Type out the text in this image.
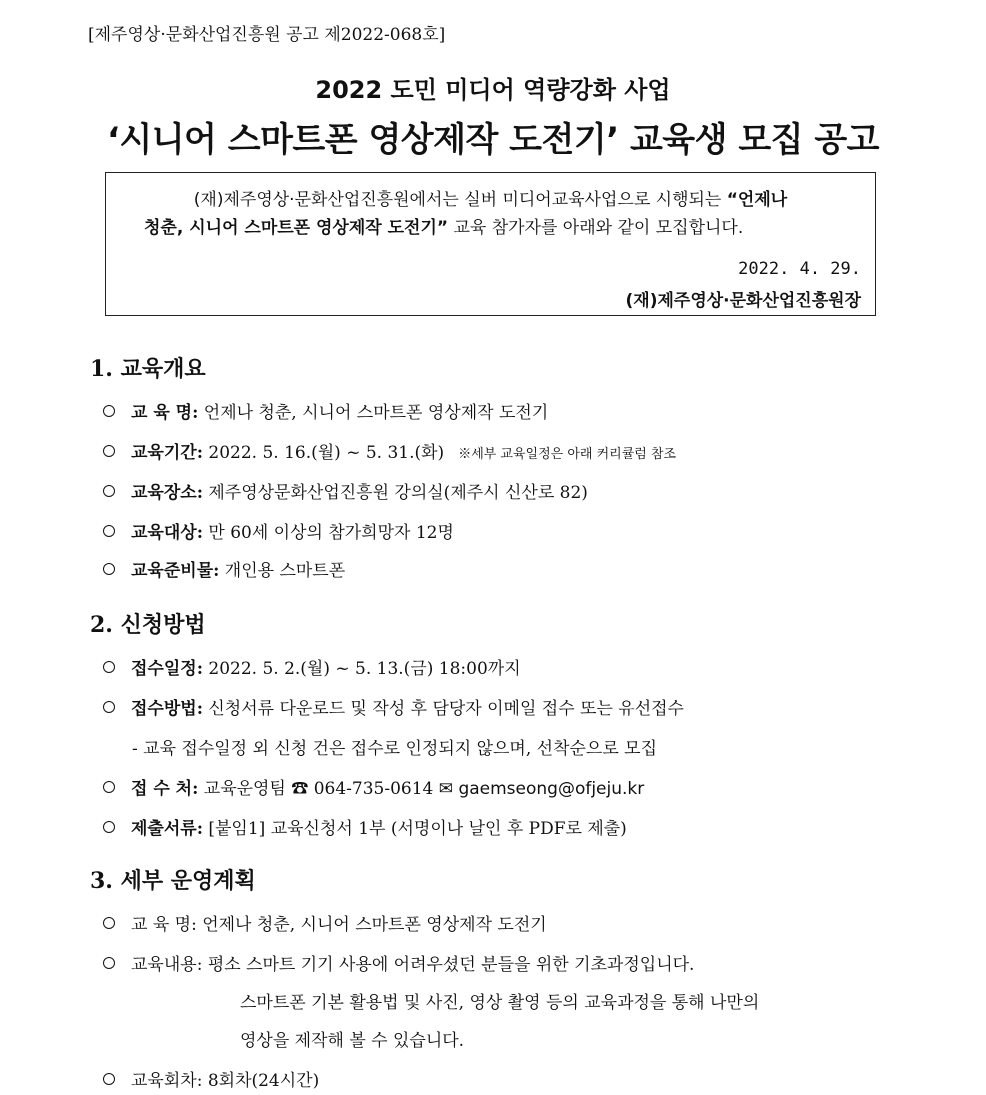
[제주영상·문화산업진흥원 공고 제2022-068호]
2022 도민 미디어 역량강화 사업
‘시니어 스마트폰 영상제작 도전기’ 교육생 모집 공고
(재)제주영상·문화산업진흥원에서는 실버 미디어교육사업으로 시행되는 “언제나
청춘, 시니어 스마트폰 영상제작 도전기” 교육 참가자를 아래와 같이 모집합니다.
2022. 4. 29.
(재)제주영상·문화산업진흥원장
1. 교육개요
교 육 명: 언제나 청춘, 시니어 스마트폰 영상제작 도전기
교육기간: 2022. 5. 16.(월) ~ 5. 31.(화) ※세부 교육일정은 아래 커리큘럼 참조
교육장소: 제주영상문화산업진흥원 강의실(제주시 신산로 82)
교육대상: 만 60세 이상의 참가희망자 12명
교육준비물: 개인용 스마트폰
2. 신청방법
접수일정: 2022. 5. 2.(월) ~ 5. 13.(금) 18:00까지
접수방법: 신청서류 다운로드 및 작성 후 담당자 이메일 접수 또는 유선접수
- 교육 접수일정 외 신청 건은 접수로 인정되지 않으며, 선착순으로 모집
접 수 처: 교육운영팀 ☎ 064-735-0614 ✉ gaemseong@ofjeju.kr
제출서류: [붙임1] 교육신청서 1부 (서명이나 날인 후 PDF로 제출)
3. 세부 운영계획
교 육 명: 언제나 청춘, 시니어 스마트폰 영상제작 도전기
교육내용: 평소 스마트 기기 사용에 어려우셨던 분들을 위한 기초과정입니다.
스마트폰 기본 활용법 및 사진, 영상 촬영 등의 교육과정을 통해 나만의
영상을 제작해 볼 수 있습니다.
교육회차: 8회차(24시간)
